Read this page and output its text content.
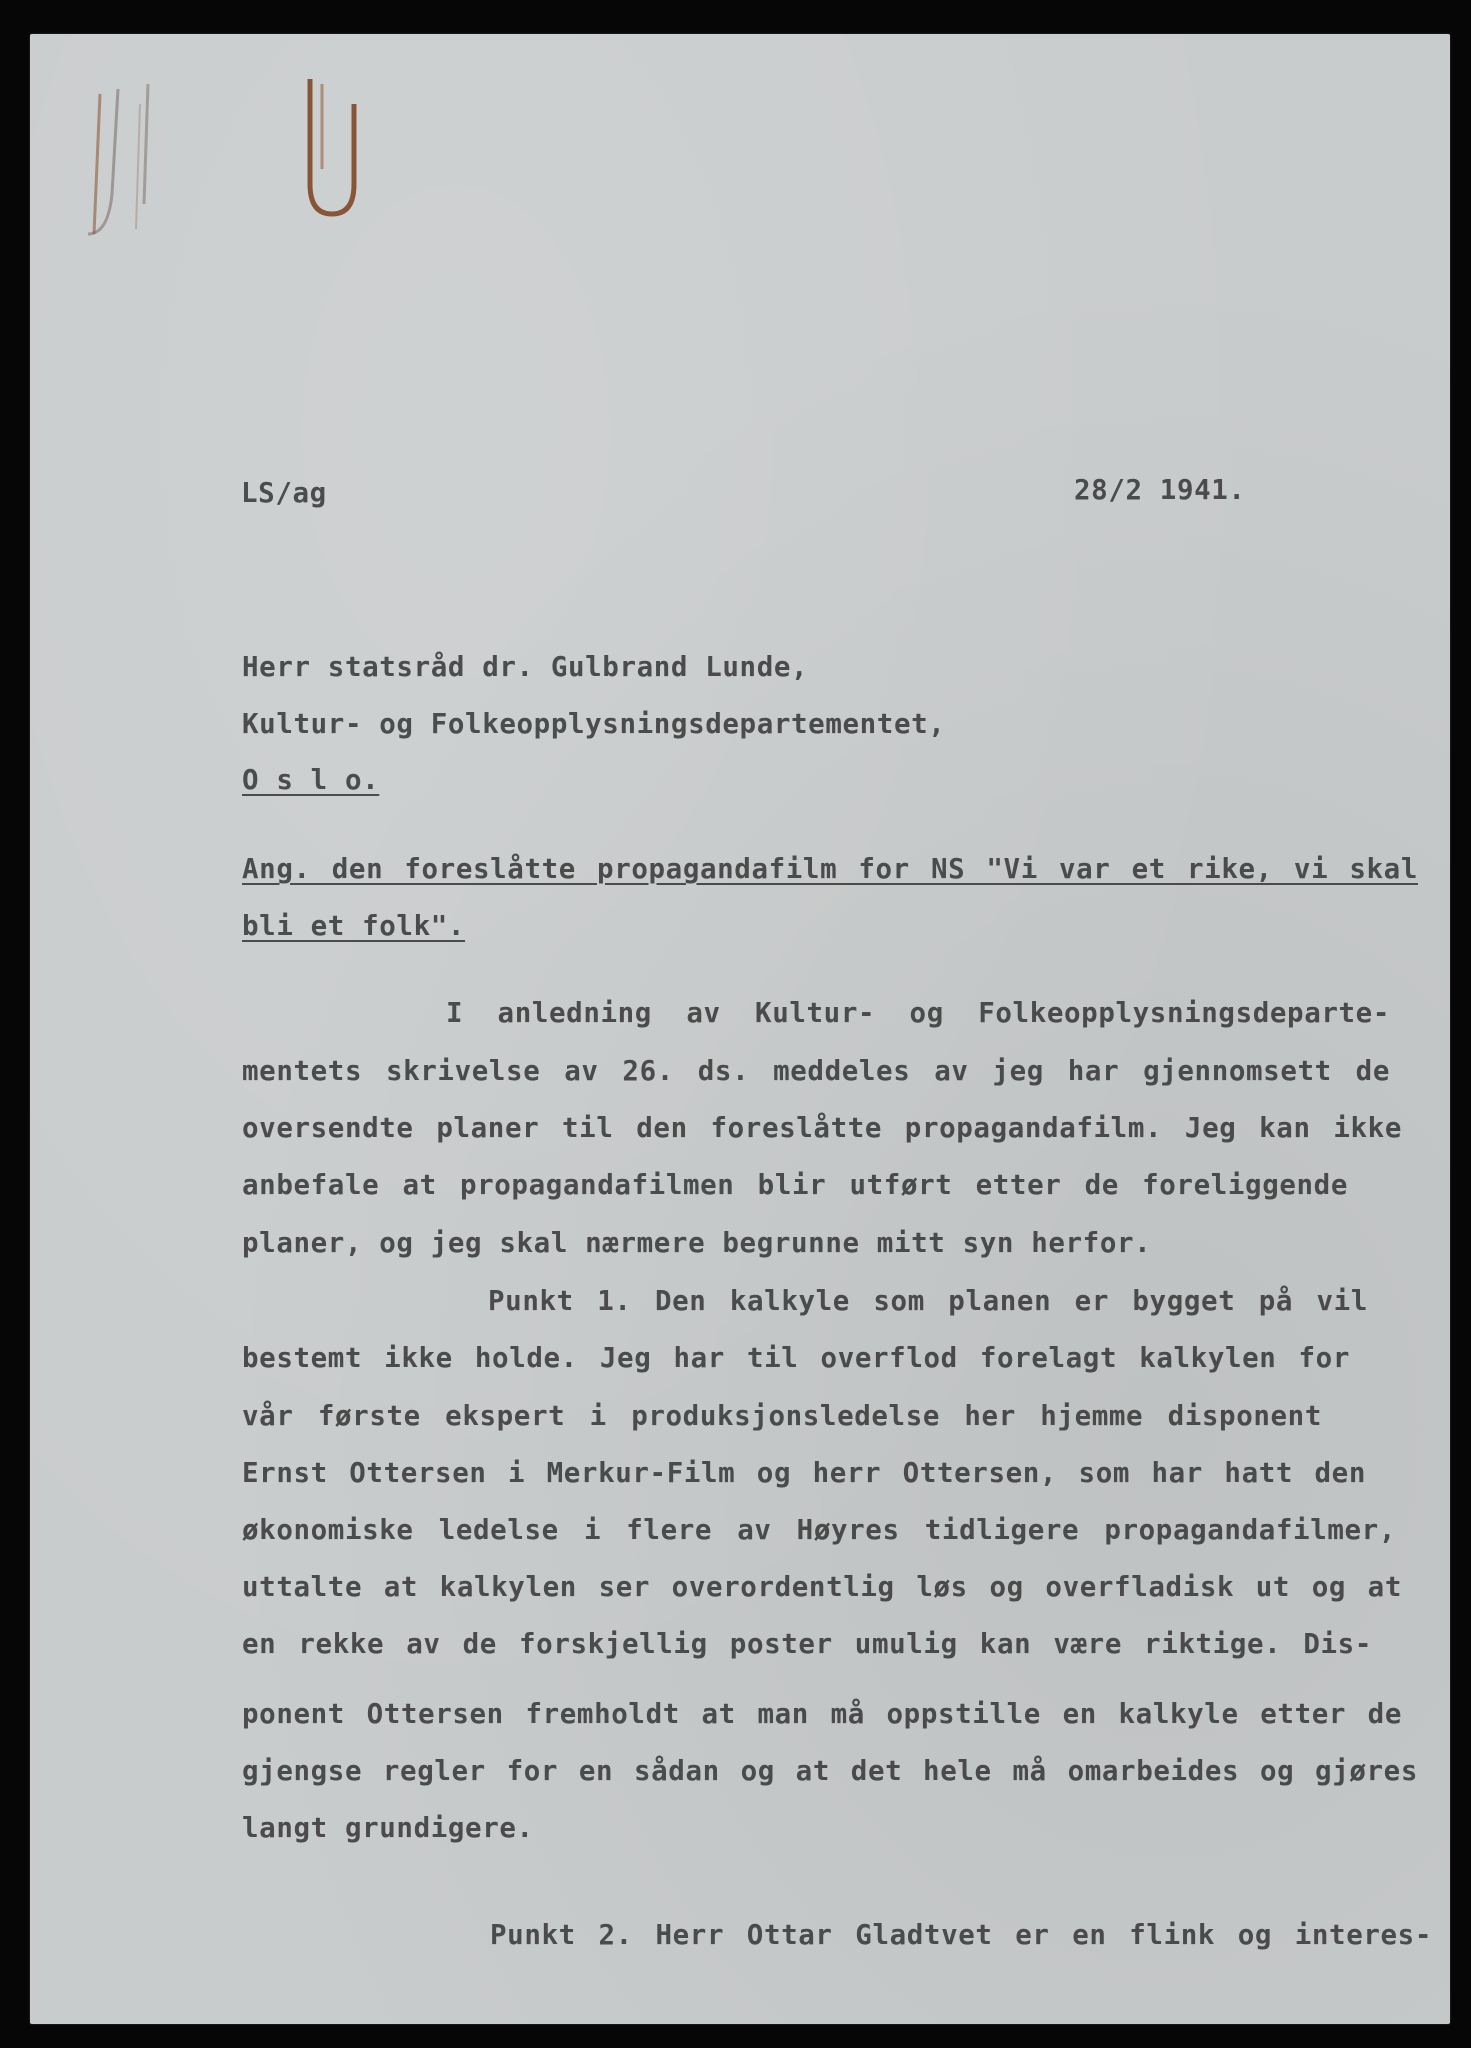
LS/ag	28/2 1941.
Herr statsråd dr. Gulbrand Lunde,
Kultur- og Folkeopplysningsdepartementet,
O s l o.
Ang. den foreslåtte propagandafilm for NS "Vi var et rike, vi skal
bli et folk".
I anledning av Kultur- og Folkeopplysningsdeparte-
mentets skrivelse av 26. ds. meddeles av jeg har gjennomsett de
oversendte planer til den foreslåtte propagandafilm. Jeg kan ikke
anbefale at propagandafilmen blir utført etter de foreliggende
planer, og jeg skal nærmere begrunne mitt syn herfor.
Punkt 1. Den kalkyle som planen er bygget på vil
bestemt ikke holde. Jeg har til overflod forelagt kalkylen for
vår første ekspert i produksjonsledelse her hjemme disponent
Ernst Ottersen i Merkur-Film og herr Ottersen, som har hatt den
økonomiske ledelse i flere av Høyres tidligere propagandafilmer,
uttalte at kalkylen ser overordentlig løs og overfladisk ut og at
en rekke av de forskjellig poster umulig kan være riktige. Dis-
ponent Ottersen fremholdt at man må oppstille en kalkyle etter de
gjengse regler for en sådan og at det hele må omarbeides og gjøres
langt grundigere.
Punkt 2. Herr Ottar Gladtvet er en flink og interes-
